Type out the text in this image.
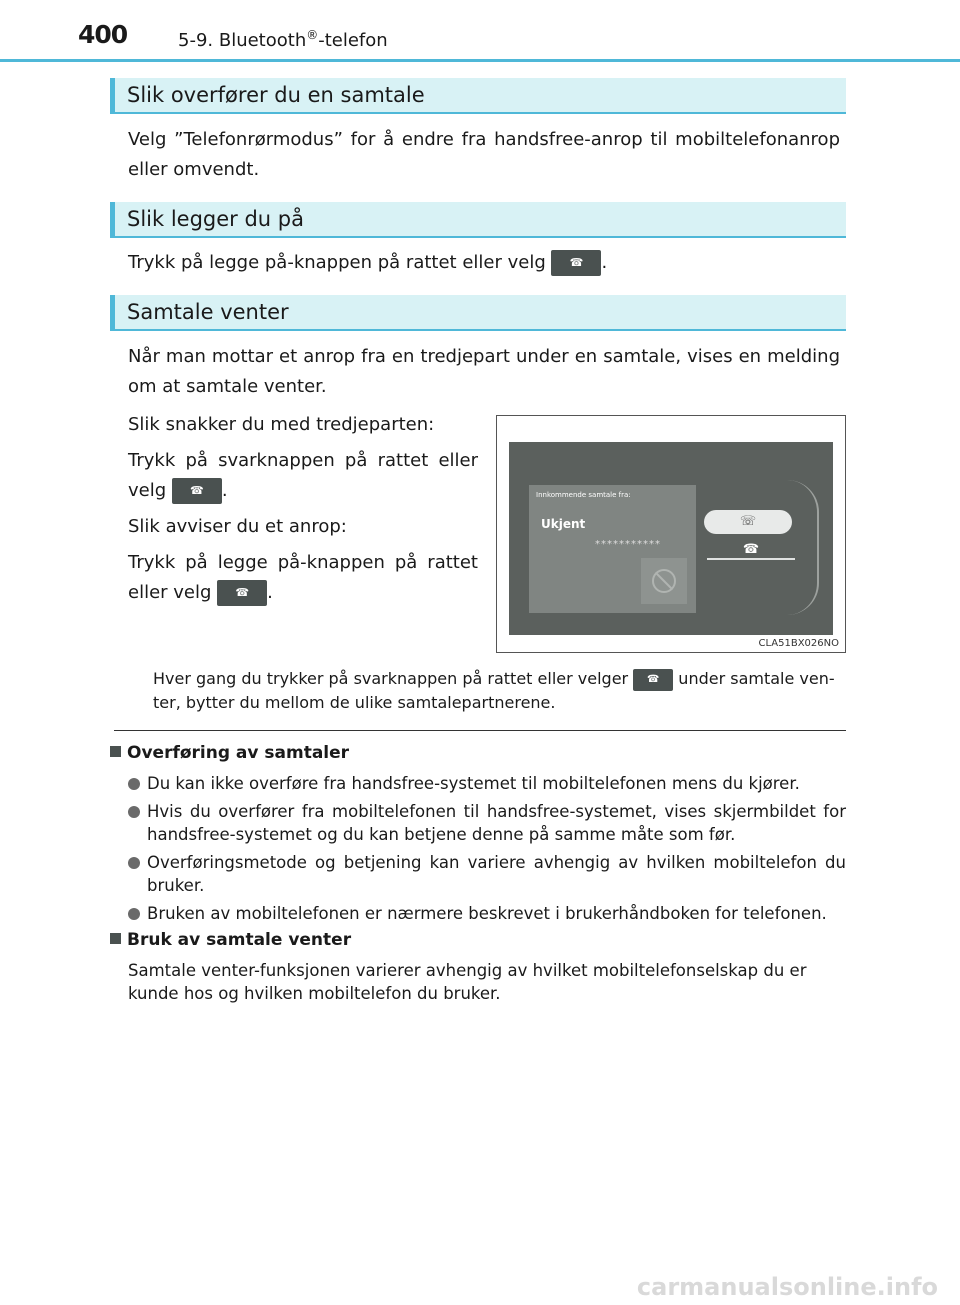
400	5-9. Bluetooth®-telefon
Slik overfører du en samtale
Velg ”Telefonrørmodus” for å endre fra handsfree-anrop til mobiltelefonanrop eller omvendt.
Slik legger du på
Trykk på legge på-knappen på rattet eller velg ☎ .
Samtale venter
Når man mottar et anrop fra en tredjepart under en samtale, vises en melding om at samtale venter.
Slik snakker du med tredjeparten:
Trykk på svarknappen på rattet eller
velg ☎ .
Slik avviser du et anrop:
Trykk på legge på-knappen på rattet
eller velg ☎ .
Innkommende samtale fra:
Ukjent
***********
☏
☎
CLA51BX026NO
Hver gang du trykker på svarknappen på rattet eller velger ☎ under samtale ven-
ter, bytter du mellom de ulike samtalepartnerene.
Overføring av samtaler
Du kan ikke overføre fra handsfree-systemet til mobiltelefonen mens du kjører.
Hvis du overfører fra mobiltelefonen til handsfree-systemet, vises skjermbildet for handsfree-systemet og du kan betjene denne på samme måte som før.
Overføringsmetode og betjening kan variere avhengig av hvilken mobiltelefon du bruker.
Bruken av mobiltelefonen er nærmere beskrevet i brukerhåndboken for telefonen.
Bruk av samtale venter
Samtale venter-funksjonen varierer avhengig av hvilket mobiltelefonselskap du er kunde hos og hvilken mobiltelefon du bruker.
carmanualsonline.info
